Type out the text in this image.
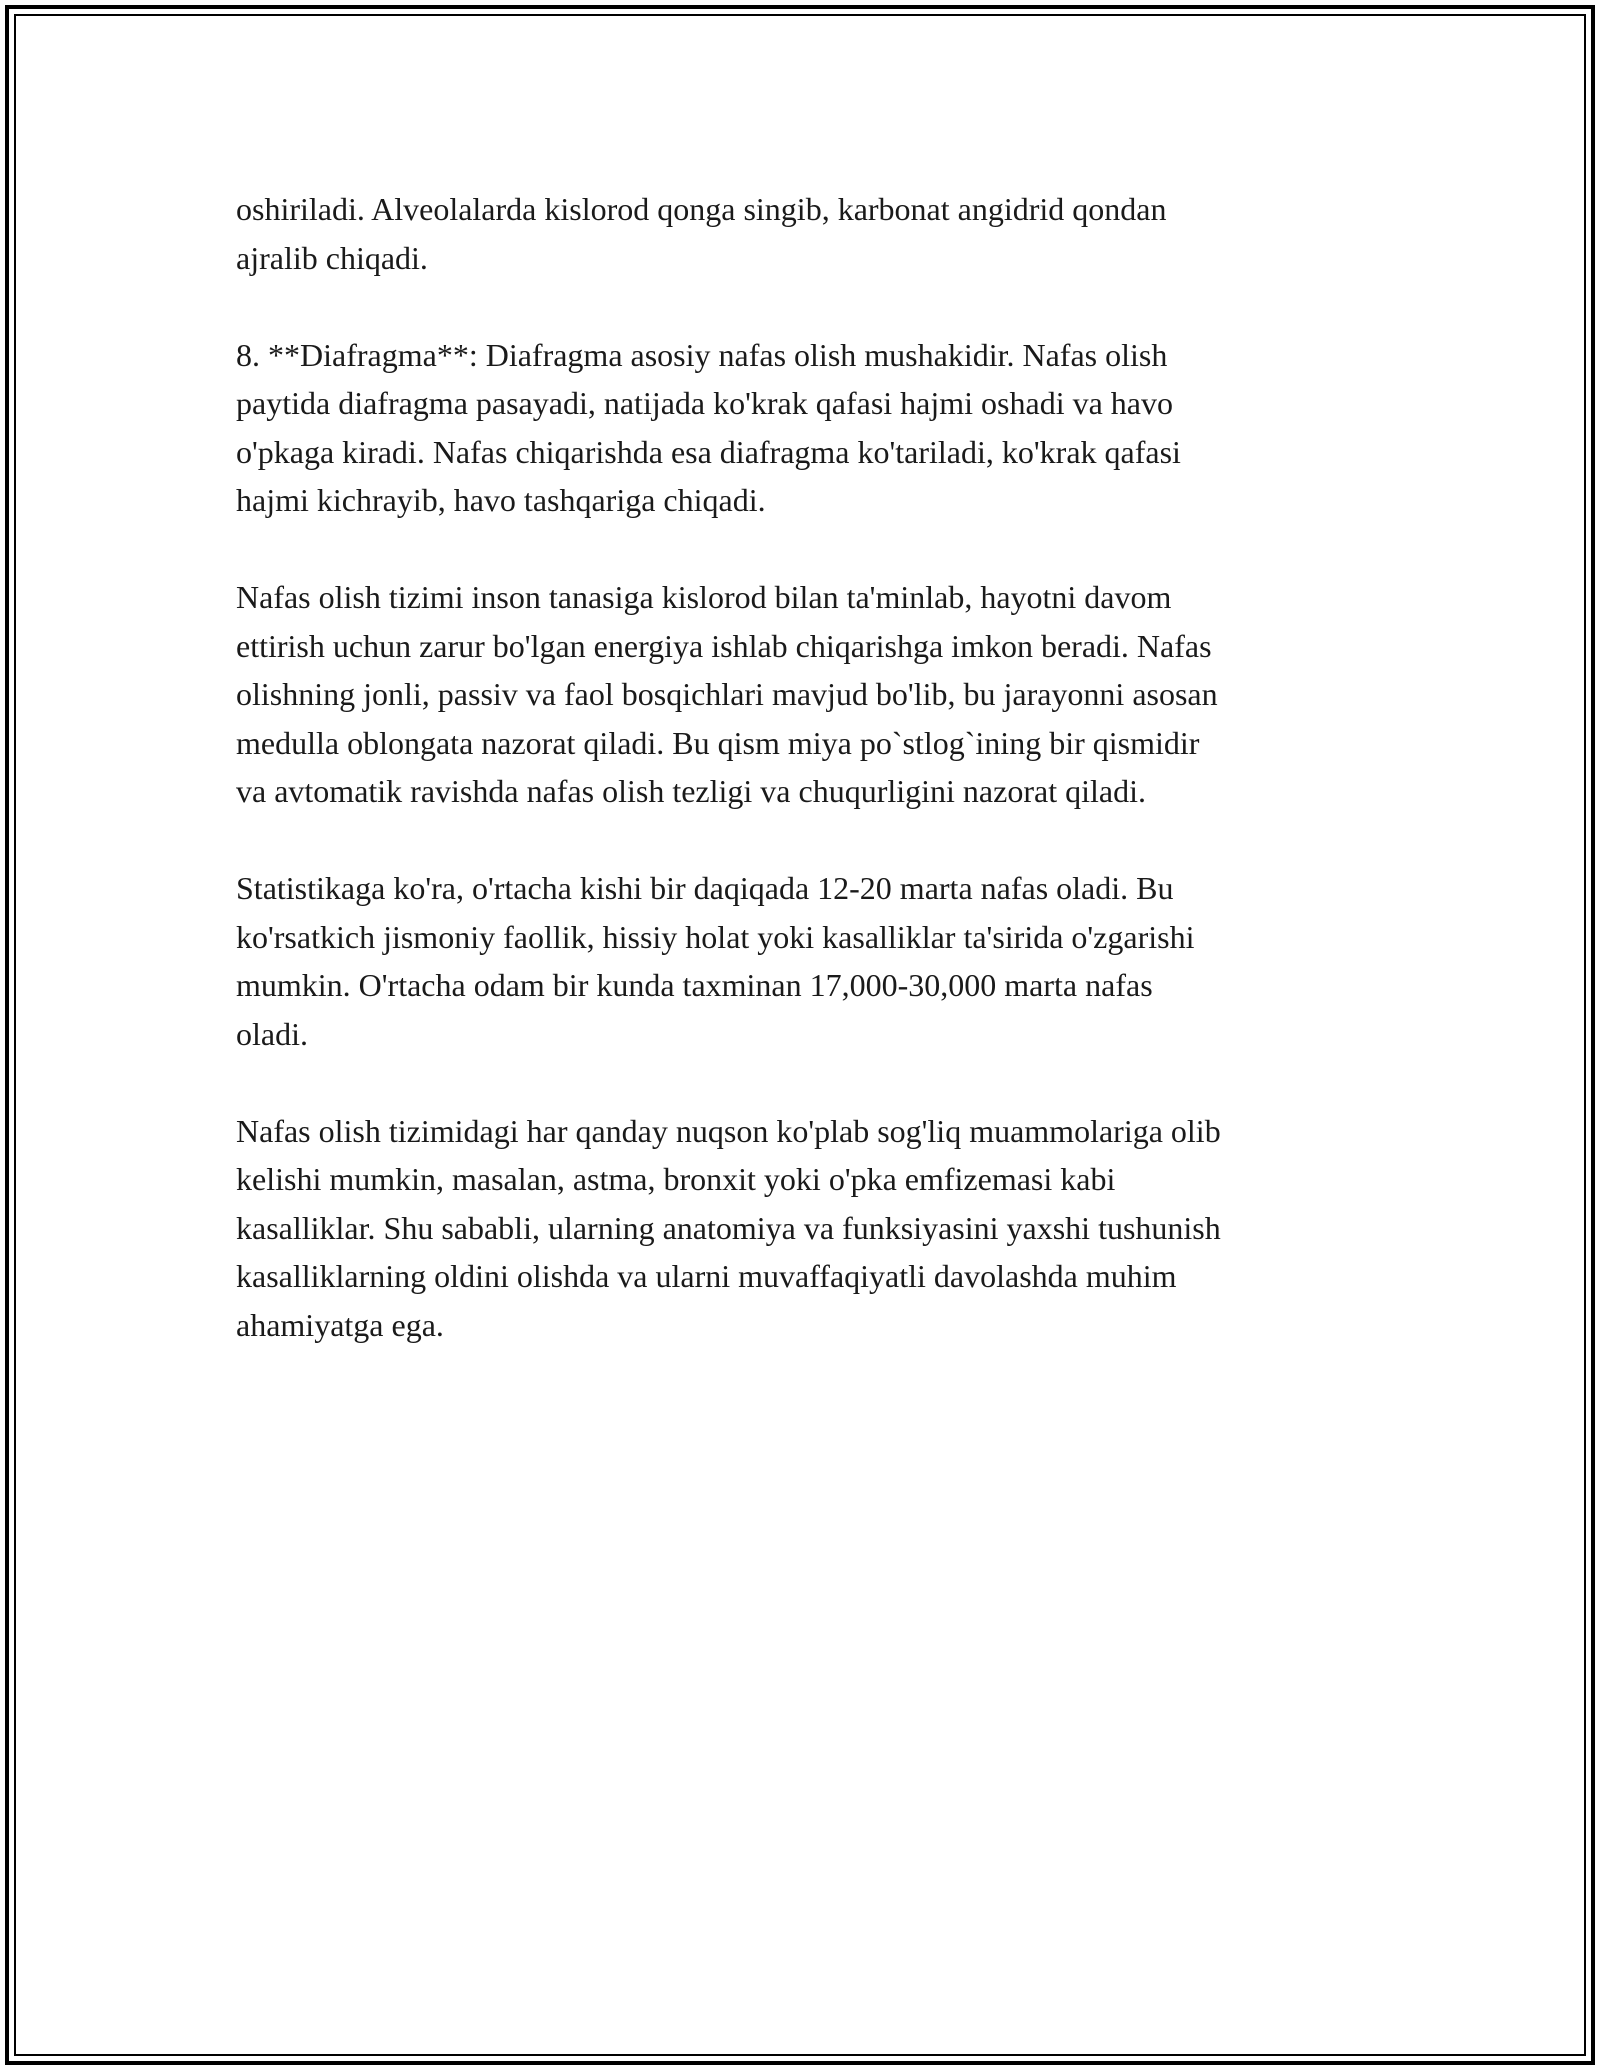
oshiriladi. Alveolalarda kislorod qonga singib, karbonat angidrid qondan
ajralib chiqadi.
8. **Diafragma**: Diafragma asosiy nafas olish mushakidir. Nafas olish
paytida diafragma pasayadi, natijada ko'krak qafasi hajmi oshadi va havo
o'pkaga kiradi. Nafas chiqarishda esa diafragma ko'tariladi, ko'krak qafasi
hajmi kichrayib, havo tashqariga chiqadi.
Nafas olish tizimi inson tanasiga kislorod bilan ta'minlab, hayotni davom
ettirish uchun zarur bo'lgan energiya ishlab chiqarishga imkon beradi. Nafas
olishning jonli, passiv va faol bosqichlari mavjud bo'lib, bu jarayonni asosan
medulla oblongata nazorat qiladi. Bu qism miya po`stlog`ining bir qismidir
va avtomatik ravishda nafas olish tezligi va chuqurligini nazorat qiladi.
Statistikaga ko'ra, o'rtacha kishi bir daqiqada 12-20 marta nafas oladi. Bu
ko'rsatkich jismoniy faollik, hissiy holat yoki kasalliklar ta'sirida o'zgarishi
mumkin. O'rtacha odam bir kunda taxminan 17,000-30,000 marta nafas
oladi.
Nafas olish tizimidagi har qanday nuqson ko'plab sog'liq muammolariga olib
kelishi mumkin, masalan, astma, bronxit yoki o'pka emfizemasi kabi
kasalliklar. Shu sababli, ularning anatomiya va funksiyasini yaxshi tushunish
kasalliklarning oldini olishda va ularni muvaffaqiyatli davolashda muhim
ahamiyatga ega.
